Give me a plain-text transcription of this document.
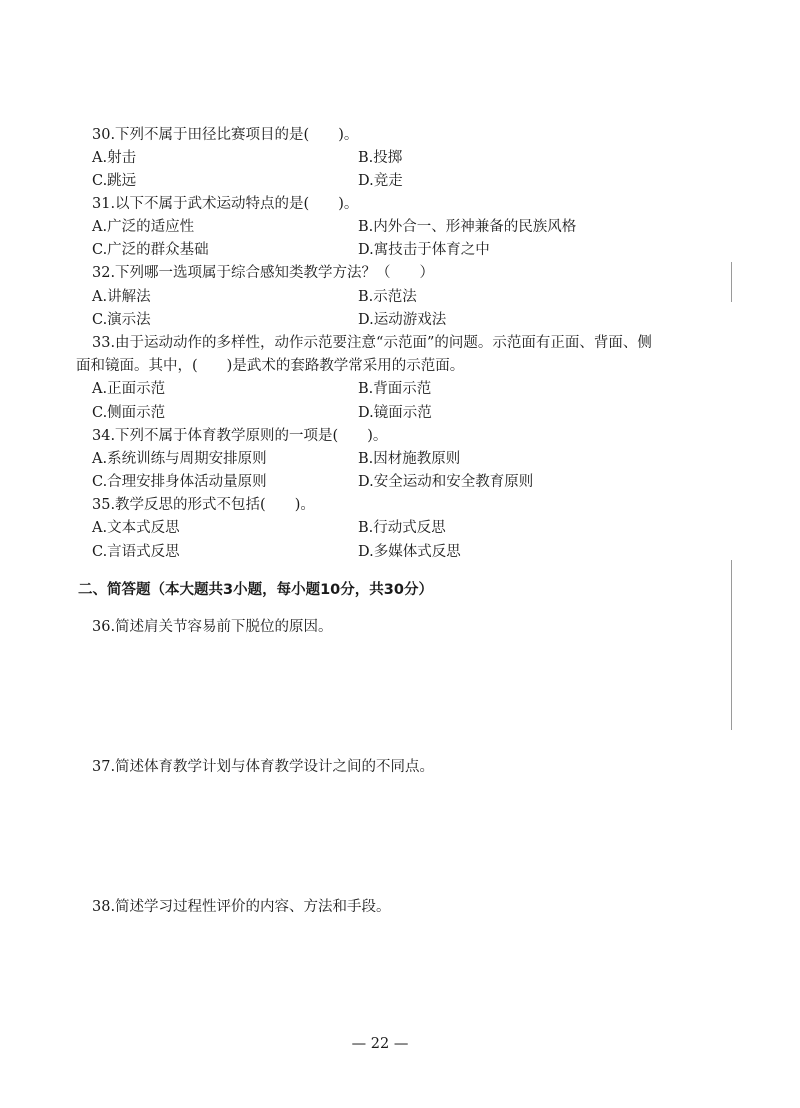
30.下列不属于田径比赛项目的是(　　)。
A.射击	B.投掷
C.跳远	D.竞走
31.以下不属于武术运动特点的是(　　)。
A.广泛的适应性	B.内外合一、形神兼备的民族风格
C.广泛的群众基础	D.寓技击于体育之中
32.下列哪一选项属于综合感知类教学方法？（　　）
A.讲解法	B.示范法
C.演示法	D.运动游戏法
33.由于运动动作的多样性，动作示范要注意“示范面”的问题。示范面有正面、背面、侧
面和镜面。其中，(　　)是武术的套路教学常采用的示范面。
A.正面示范	B.背面示范
C.侧面示范	D.镜面示范
34.下列不属于体育教学原则的一项是(　　)。
A.系统训练与周期安排原则	B.因材施教原则
C.合理安排身体活动量原则	D.安全运动和安全教育原则
35.教学反思的形式不包括(　　)。
A.文本式反思	B.行动式反思
C.言语式反思	D.多媒体式反思
二、简答题（本大题共3小题，每小题10分，共30分）
36.简述肩关节容易前下脱位的原因。
37.简述体育教学计划与体育教学设计之间的不同点。
38.简述学习过程性评价的内容、方法和手段。
— 22 —
